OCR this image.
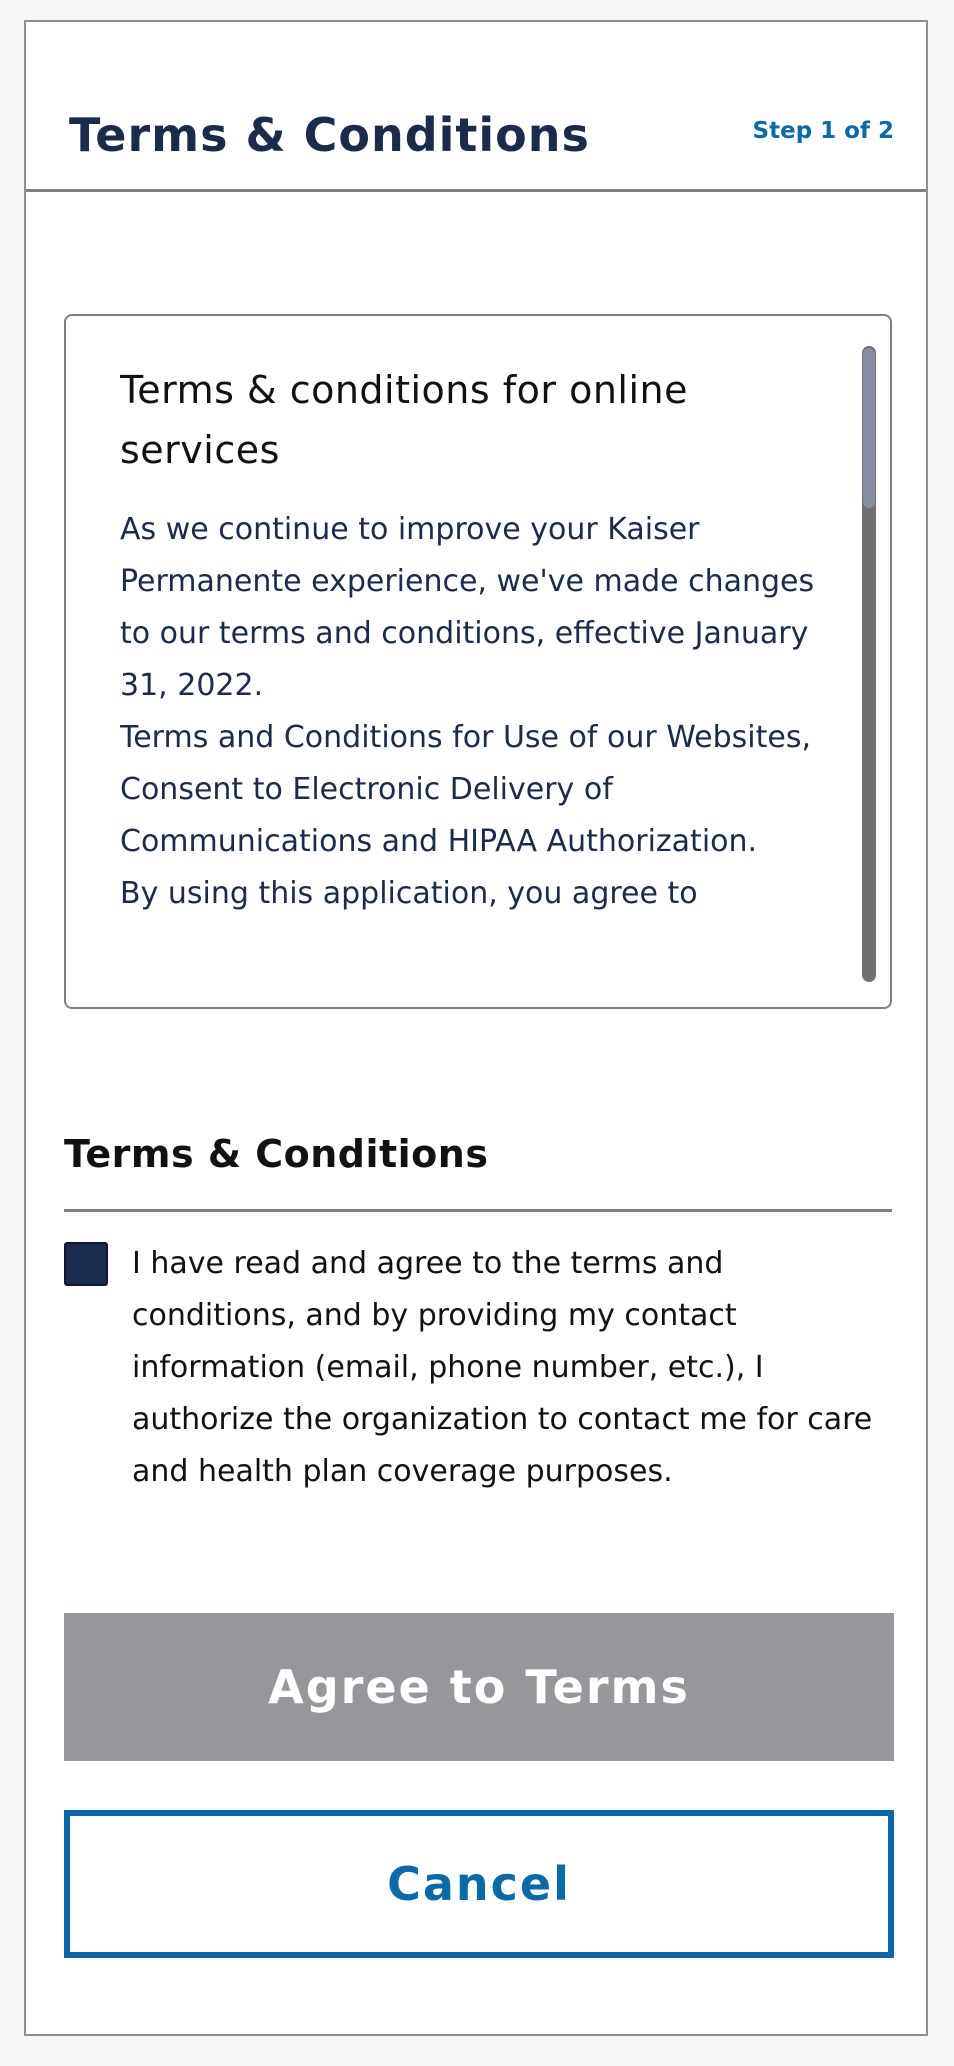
Terms & Conditions	Step 1 of 2
Terms & conditions for online services

As we continue to improve your Kaiser Permanente experience, we've made changes to our terms and conditions, effective January 31, 2022.

Terms and Conditions for Use of our Websites, Consent to Electronic Delivery of Communications and HIPAA Authorization.

By using this application, you agree to

Terms & Conditions

I have read and agree to the terms and conditions, and by providing my contact information (email, phone number, etc.), I authorize the organization to contact me for care and health plan coverage purposes.

Agree to Terms
Cancel
